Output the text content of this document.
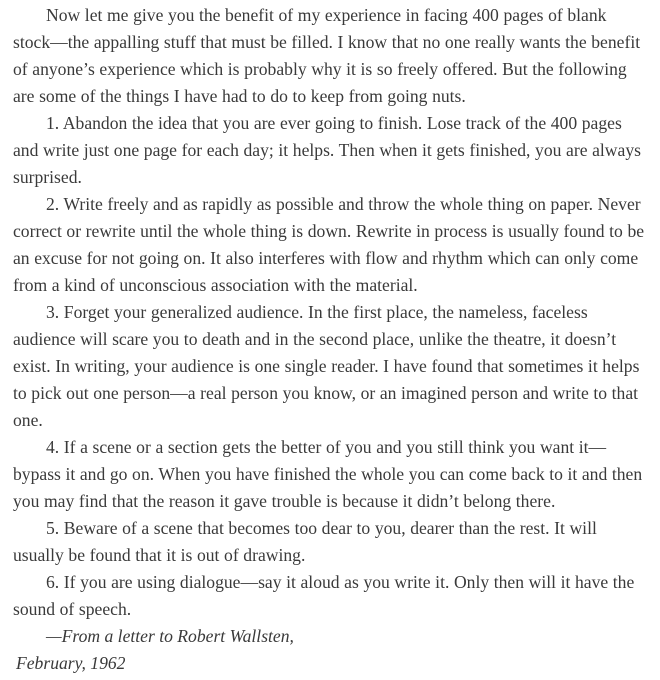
Now let me give you the benefit of my experience in facing 400 pages of blank stock—the appalling stuff that must be filled. I know that no one really wants the benefit of anyone’s experience which is probably why it is so freely offered. But the following are some of the things I have had to do to keep from going nuts.

1. Abandon the idea that you are ever going to finish. Lose track of the 400 pages and write just one page for each day; it helps. Then when it gets finished, you are always surprised.

2. Write freely and as rapidly as possible and throw the whole thing on paper. Never correct or rewrite until the whole thing is down. Rewrite in process is usually found to be an excuse for not going on. It also interferes with flow and rhythm which can only come from a kind of unconscious association with the material.

3. Forget your generalized audience. In the first place, the nameless, faceless audience will scare you to death and in the second place, unlike the theatre, it doesn’t exist. In writing, your audience is one single reader. I have found that sometimes it helps to pick out one person—a real person you know, or an imagined person and write to that one.

4. If a scene or a section gets the better of you and you still think you want it—bypass it and go on. When you have finished the whole you can come back to it and then you may find that the reason it gave trouble is because it didn’t belong there.

5. Beware of a scene that becomes too dear to you, dearer than the rest. It will usually be found that it is out of drawing.

6. If you are using dialogue—say it aloud as you write it. Only then will it have the sound of speech.

—From a letter to Robert Wallsten,

February, 1962
